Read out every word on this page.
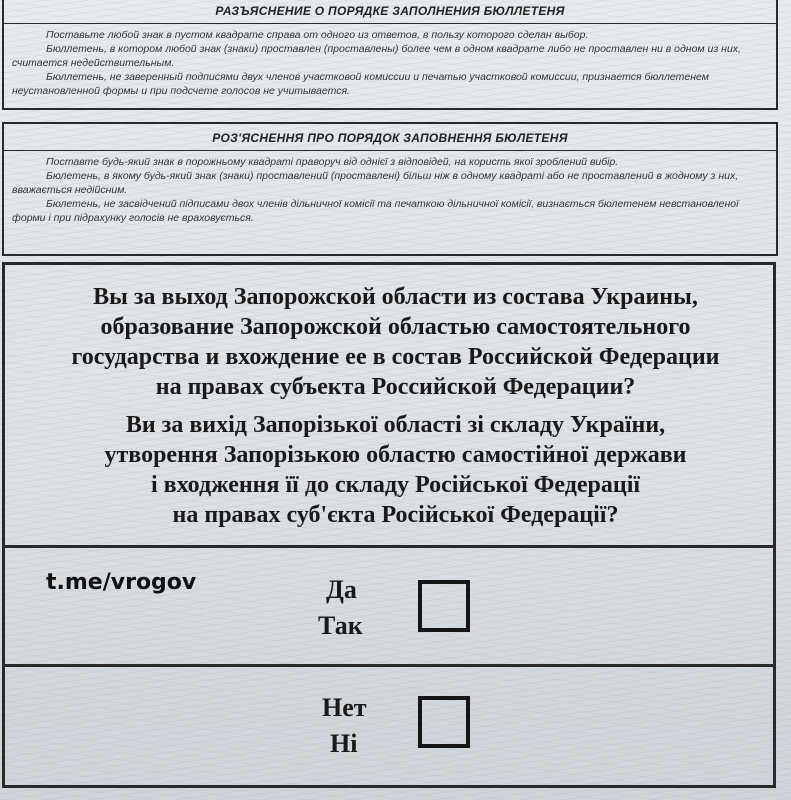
РАЗЪЯСНЕНИЕ О ПОРЯДКЕ ЗАПОЛНЕНИЯ БЮЛЛЕТЕНЯ

Поставьте любой знак в пустом квадрате справа от одного из ответов, в пользу которого сделан выбор.

Бюллетень, в котором любой знак (знаки) проставлен (проставлены) более чем в одном квадрате либо не проставлен ни в одном из них, считается недействительным.

Бюллетень, не заверенный подписями двух членов участковой комиссии и печатью участковой комиссии, признается бюллетенем неустановленной формы и при подсчете голосов не учитывается.

РОЗ'ЯСНЕННЯ ПРО ПОРЯДОК ЗАПОВНЕННЯ БЮЛЕТЕНЯ

Поставте будь-який знак в порожньому квадраті праворуч від однієї з відповідей, на користь якої зроблений вибір.

Бюлетень, в якому будь-який знак (знаки) проставлений (проставлені) більш ніж в одному квадраті або не проставлений в жодному з них, вважається недійсним.

Бюлетень, не засвідчений підписами двох членів дільничної комісії та печаткою дільничної комісії, визнається бюлетенем невстановленої форми і при підрахунку голосів не враховується.

Вы за выход Запорожской области из состава Украины,
образование Запорожской областью самостоятельного
государства и вхождение ее в состав Российской Федерации
на правах субъекта Российской Федерации?
Ви за вихід Запорізької області зі складу України,
утворення Запорізькою областю самостійної держави
і входження її до складу Російської Федерації
на правах суб'єкта Російської Федерації?
t.me/vrogov	Да
Так
Нет
Ні
